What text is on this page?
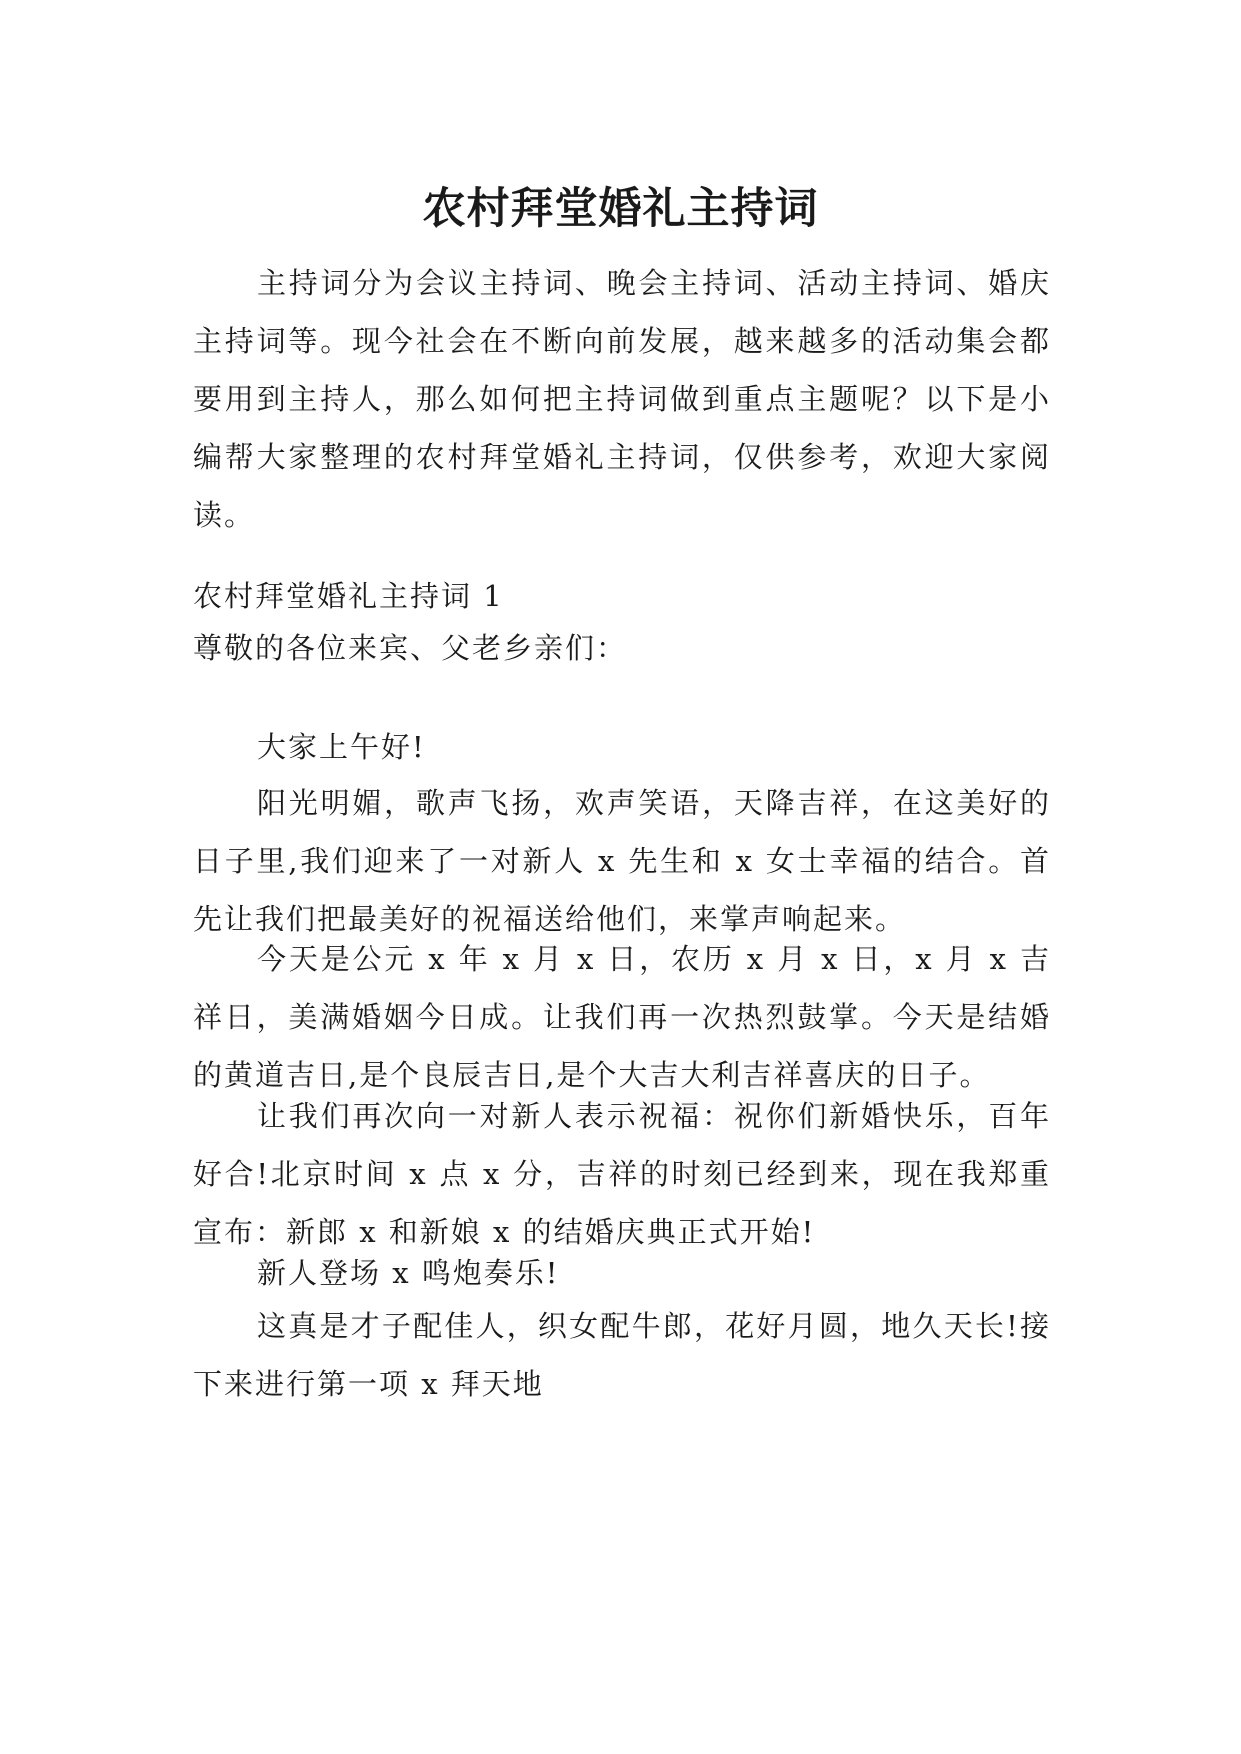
农村拜堂婚礼主持词

主持词分为会议主持词、晚会主持词、活动主持词、婚庆主持词等。现今社会在不断向前发展，越来越多的活动集会都要用到主持人，那么如何把主持词做到重点主题呢？以下是小编帮大家整理的农村拜堂婚礼主持词，仅供参考，欢迎大家阅读。

农村拜堂婚礼主持词 1

尊敬的各位来宾、父老乡亲们：

大家上午好!

阳光明媚，歌声飞扬，欢声笑语，天降吉祥，在这美好的日子里,我们迎来了一对新人 x 先生和 x 女士幸福的结合。首先让我们把最美好的祝福送给他们，来掌声响起来。

今天是公元 x 年 x 月 x 日，农历 x 月 x 日，x 月 x 吉祥日，美满婚姻今日成。让我们再一次热烈鼓掌。今天是结婚的黄道吉日,是个良辰吉日,是个大吉大利吉祥喜庆的日子。

让我们再次向一对新人表示祝福：祝你们新婚快乐，百年好合!北京时间 x 点 x 分，吉祥的时刻已经到来，现在我郑重宣布：新郎 x 和新娘 x 的结婚庆典正式开始!

新人登场 x 鸣炮奏乐!

这真是才子配佳人，织女配牛郎，花好月圆，地久天长!接下来进行第一项 x 拜天地
